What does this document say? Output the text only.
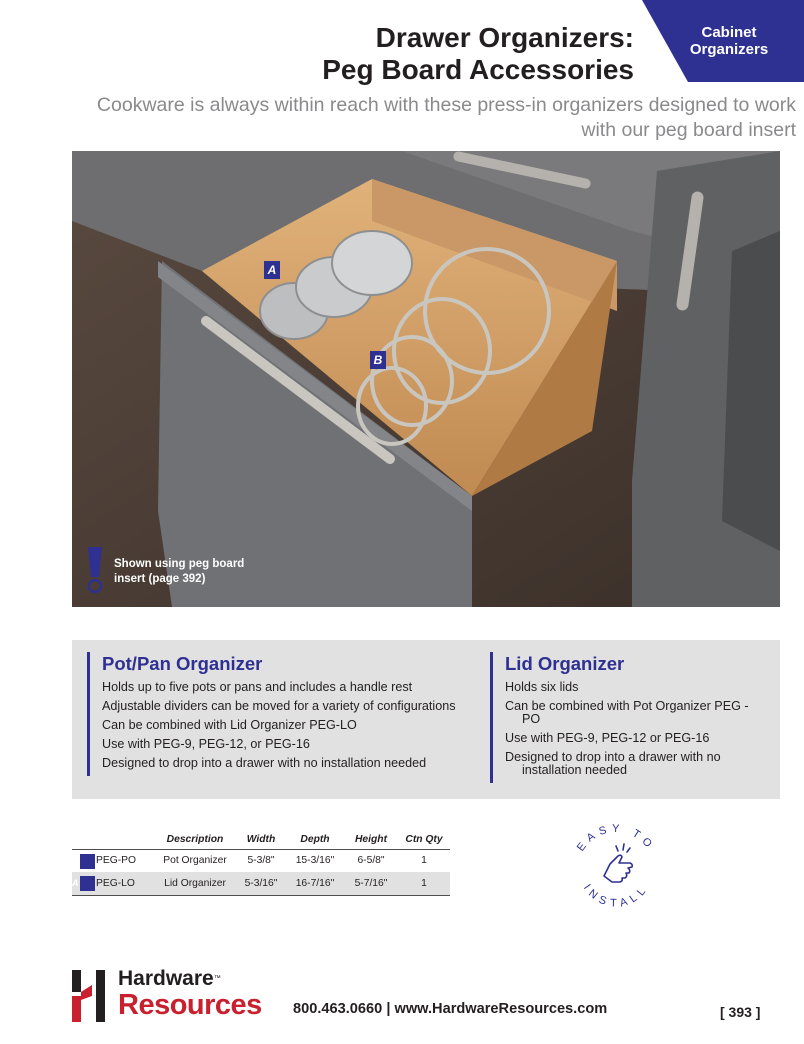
Cabinet
Organizers
Drawer Organizers:
Peg Board Accessories
Cookware is always within reach with these press-in organizers designed to work
with our peg board insert
A
B
Shown using peg board
insert (page 392)
Pot/Pan Organizer
Holds up to five pots or pans and includes a handle rest
Adjustable dividers can be moved for a variety of configurations
Can be combined with Lid Organizer PEG-LO
Use with PEG-9, PEG-12, or PEG-16
Designed to drop into a drawer with no installation needed
Lid Organizer
Holds six lids
Can be combined with Pot Organizer PEG - PO
Use with PEG-9, PEG-12 or PEG-16
Designed to drop into a drawer with no installation needed
	Description	Width	Depth	Height	Ctn Qty

PEG-PO	Pot Organizer	5-3/8"	15-3/16"	6-5/8"	1

A PEG-LO	Lid Organizer	5-3/16"	16-7/16"	5-7/16"	1
EASY TO
INSTALL
Hardware™
Resources 800.463.0660 | www.HardwareResources.com	[ 393 ]
